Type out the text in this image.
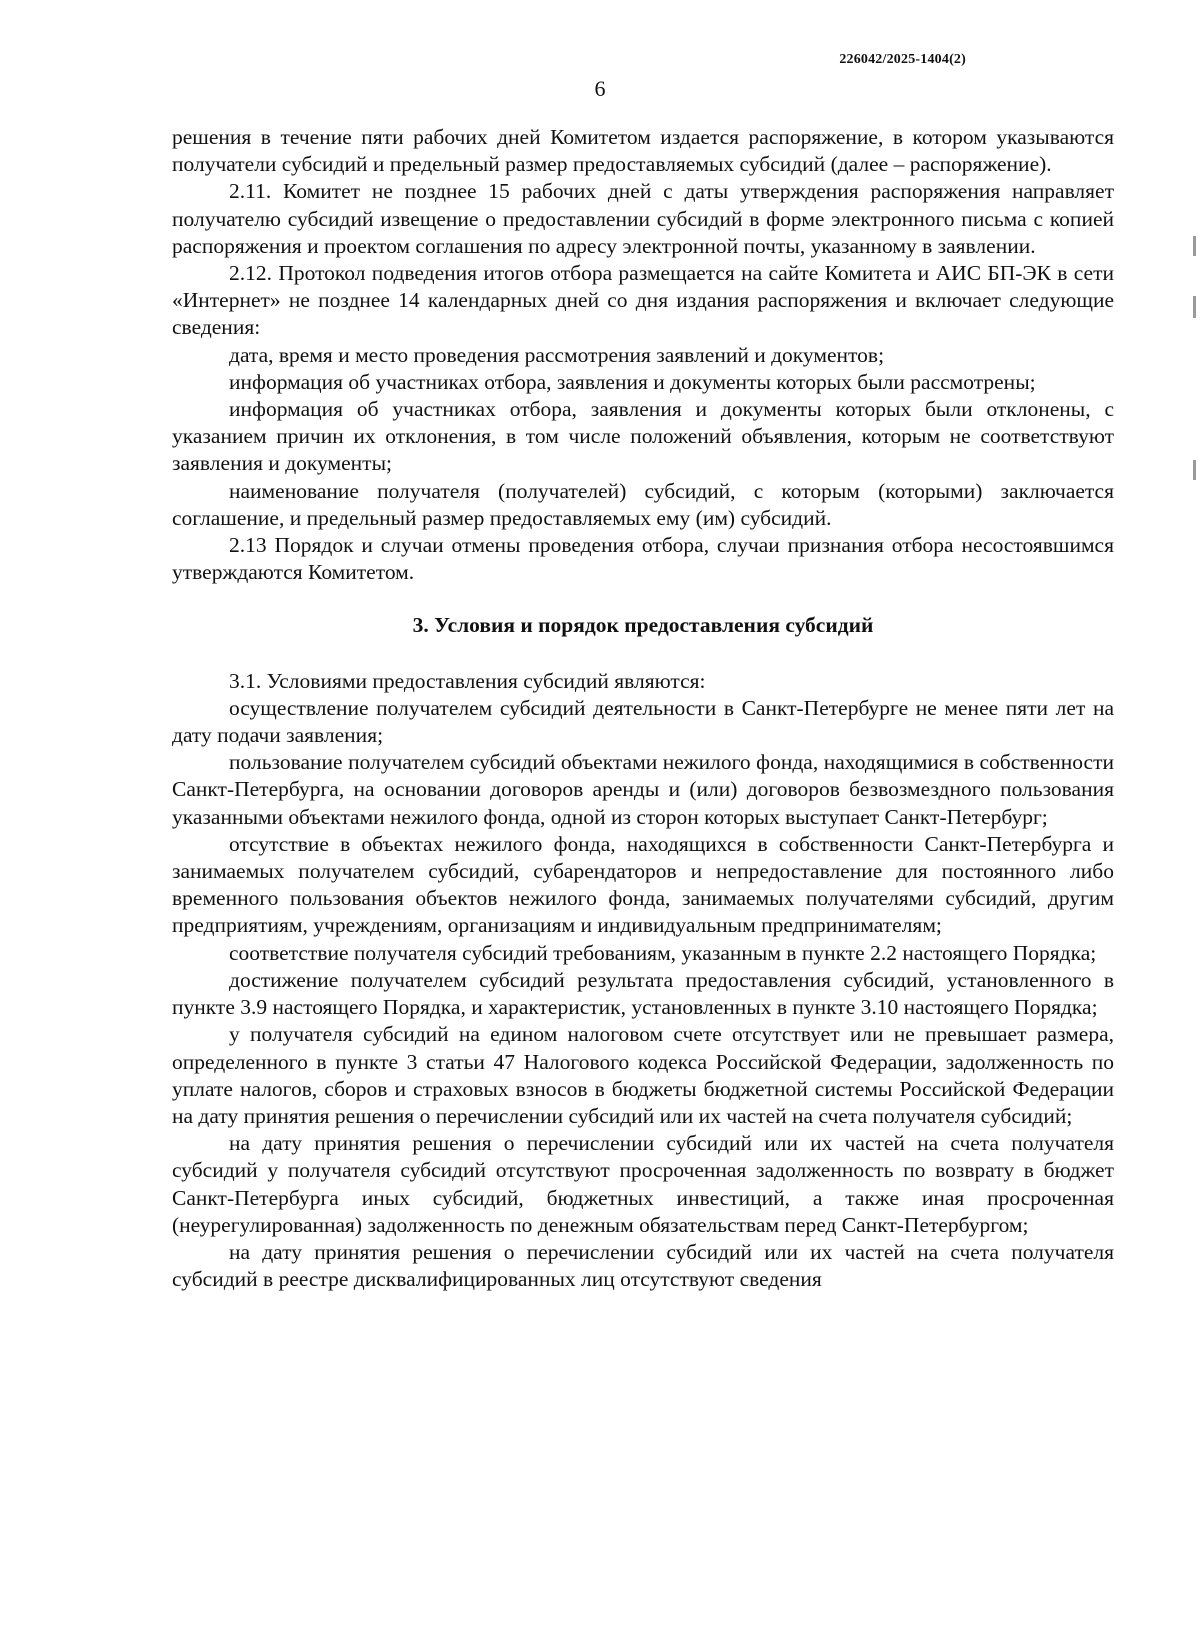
226042/2025-1404(2)
6

решения в течение пяти рабочих дней Комитетом издается распоряжение, в котором указываются получатели субсидий и предельный размер предоставляемых субсидий (далее – распоряжение).

2.11. Комитет не позднее 15 рабочих дней с даты утверждения распоряжения направляет получателю субсидий извещение о предоставлении субсидий в форме электронного письма с копией распоряжения и проектом соглашения по адресу электронной почты, указанному в заявлении.

2.12. Протокол подведения итогов отбора размещается на сайте Комитета и АИС БП-ЭК в сети «Интернет» не позднее 14 календарных дней со дня издания распоряжения и включает следующие сведения:

дата, время и место проведения рассмотрения заявлений и документов;

информация об участниках отбора, заявления и документы которых были рассмотрены;

информация об участниках отбора, заявления и документы которых были отклонены, с указанием причин их отклонения, в том числе положений объявления, которым не соответствуют заявления и документы;

наименование получателя (получателей) субсидий, с которым (которыми) заключается соглашение, и предельный размер предоставляемых ему (им) субсидий.

2.13 Порядок и случаи отмены проведения отбора, случаи признания отбора несостоявшимся утверждаются Комитетом.

3. Условия и порядок предоставления субсидий

3.1. Условиями предоставления субсидий являются:

осуществление получателем субсидий деятельности в Санкт-Петербурге не менее пяти лет на дату подачи заявления;

пользование получателем субсидий объектами нежилого фонда, находящимися в собственности Санкт-Петербурга, на основании договоров аренды и (или) договоров безвозмездного пользования указанными объектами нежилого фонда, одной из сторон которых выступает Санкт-Петербург;

отсутствие в объектах нежилого фонда, находящихся в собственности Санкт-Петербурга и занимаемых получателем субсидий, субарендаторов и непредоставление для постоянного либо временного пользования объектов нежилого фонда, занимаемых получателями субсидий, другим предприятиям, учреждениям, организациям и индивидуальным предпринимателям;

соответствие получателя субсидий требованиям, указанным в пункте 2.2 настоящего Порядка;

достижение получателем субсидий результата предоставления субсидий, установленного в пункте 3.9 настоящего Порядка, и характеристик, установленных в пункте 3.10 настоящего Порядка;

у получателя субсидий на едином налоговом счете отсутствует или не превышает размера, определенного в пункте 3 статьи 47 Налогового кодекса Российской Федерации, задолженность по уплате налогов, сборов и страховых взносов в бюджеты бюджетной системы Российской Федерации на дату принятия решения о перечислении субсидий или их частей на счета получателя субсидий;

на дату принятия решения о перечислении субсидий или их частей на счета получателя субсидий у получателя субсидий отсутствуют просроченная задолженность по возврату в бюджет Санкт-Петербурга иных субсидий, бюджетных инвестиций, а также иная просроченная (неурегулированная) задолженность по денежным обязательствам перед Санкт-Петербургом;

на дату принятия решения о перечислении субсидий или их частей на счета получателя субсидий в реестре дисквалифицированных лиц отсутствуют сведения
